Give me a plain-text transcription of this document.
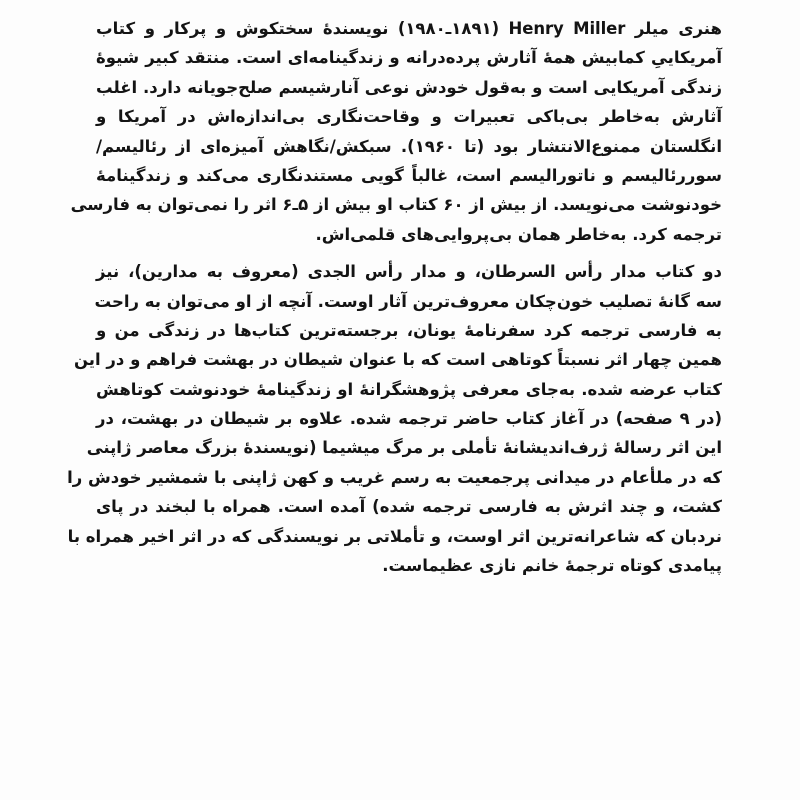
هنری میلر Henry Miller (۱۸۹۱ـ۱۹۸۰) نویسندهٔ سختکوش و پرکار و کتاب
آمریکاییِ کمابیش همهٔ آثارش پرده‌درانه و زندگینامه‌ای است. منتقد کبیر شیوهٔ
زندگی آمریکایی است و به‌قول خودش نوعی آنارشیسم صلح‌جویانه دارد. اغلب
آثارش به‌خاطر بی‌باکی تعبیرات و وقاحت‌نگاری بی‌اندازه‌اش در آمریکا و
انگلستان ممنوع‌الانتشار بود (تا ۱۹۶۰). سبکش/نگاهش آمیزه‌ای از رئالیسم/
سوررئالیسم و ناتورالیسم است، غالباً گویی مستندنگاری می‌کند و زندگینامهٔ
خودنوشت می‌نویسد. از بیش از ۶۰ کتاب او بیش از ۵ـ۶ اثر را نمی‌توان به فارسی
ترجمه کرد. به‌خاطر همان بی‌پروایی‌های قلمی‌اش.
دو کتاب مدار رأس السرطان، و مدار رأس الجدی (معروف به مدارین)، نیز
سه گانهٔ تصلیب خون‌چکان معروف‌ترین آثار اوست. آنچه از او می‌توان به راحت
به فارسی ترجمه کرد سفرنامهٔ یونان، برجسته‌ترین کتاب‌ها در زندگی من و
همین چهار اثر نسبتاً کوتاهی است که با عنوان شیطان در بهشت فراهم و در این
کتاب عرضه شده. به‌جای معرفی پژوهشگرانهٔ او زندگینامهٔ خودنوشت کوتاهش
(در ۹ صفحه) در آغاز کتاب حاضر ترجمه شده. علاوه بر شیطان در بهشت، در
این اثر رسالهٔ ژرف‌اندیشانهٔ تأملی بر مرگ میشیما (نویسندهٔ بزرگ معاصر ژاپنی
که در ملأعام در میدانی پرجمعیت به رسم غریب و کهن ژاپنی با شمشیر خودش را
کشت، و چند اثرش به فارسی ترجمه شده) آمده است. همراه با لبخند در پای
نردبان که شاعرانه‌ترین اثر اوست، و تأملاتی بر نویسندگی که در اثر اخیر همراه با
پیامدی کوتاه ترجمهٔ خانم نازی عظیماست.
